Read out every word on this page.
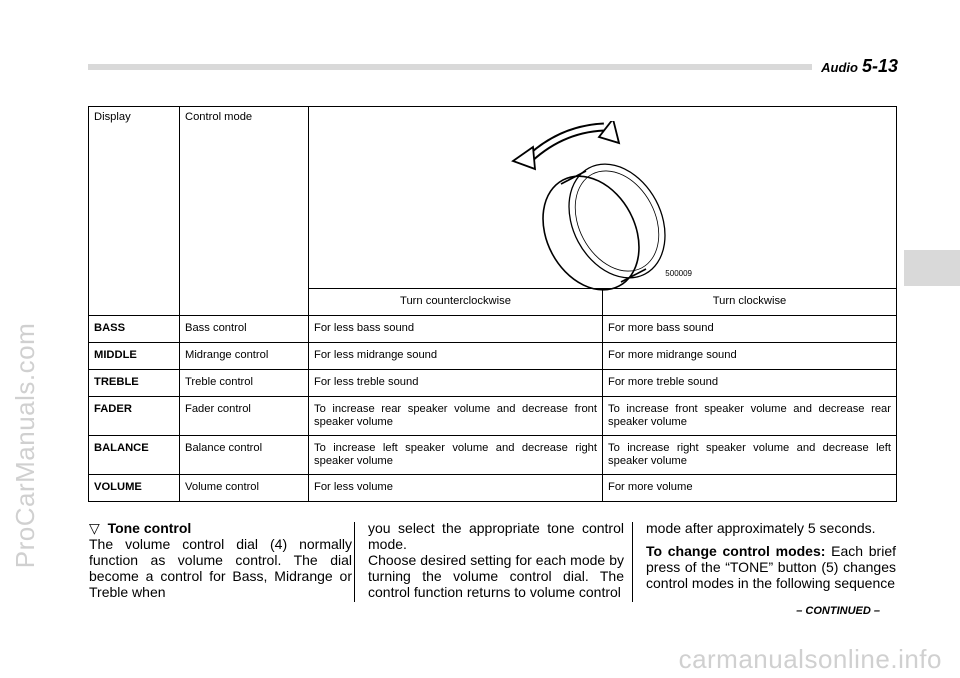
Audio 5-13
ProCarManuals.com
carmanualsonline.info
Display	Control mode	500009	

		Turn counterclockwise	Turn clockwise
BASS	Bass control	For less bass sound	For more bass sound
MIDDLE	Midrange control	For less midrange sound	For more midrange sound
TREBLE	Treble control	For less treble sound	For more treble sound
FADER	Fader control	To increase rear speaker volume and decrease front speaker volume	To increase front speaker volume and decrease rear speaker volume
BALANCE	Balance control	To increase left speaker volume and decrease right speaker volume	To increase right speaker volume and decrease left speaker volume
VOLUME	Volume control	For less volume	For more volume

▽ Tone control

The volume control dial (4) normally function as volume control. The dial become a control for Bass, Midrange or Treble when

you select the appropriate tone control mode.

Choose desired setting for each mode by turning the volume control dial. The control function returns to volume control

mode after approximately 5 seconds.

To change control modes: Each brief press of the “TONE” button (5) changes control modes in the following sequence

– CONTINUED –
